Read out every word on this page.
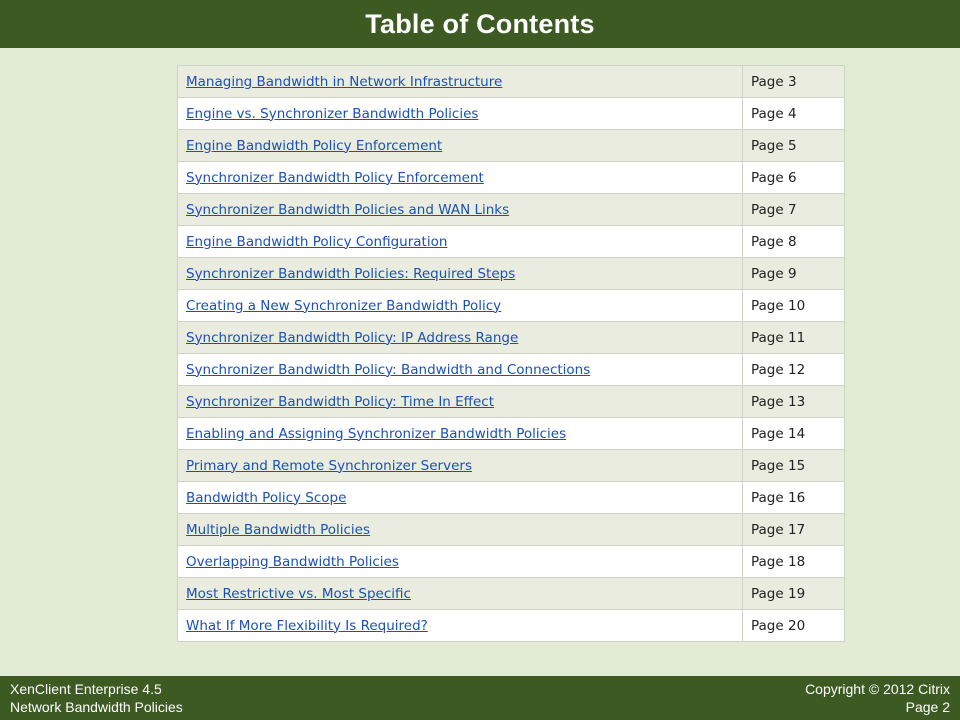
Table of Contents
Managing Bandwidth in Network Infrastructure	Page 3
Engine vs. Synchronizer Bandwidth Policies	Page 4
Engine Bandwidth Policy Enforcement	Page 5
Synchronizer Bandwidth Policy Enforcement	Page 6
Synchronizer Bandwidth Policies and WAN Links	Page 7
Engine Bandwidth Policy Configuration	Page 8
Synchronizer Bandwidth Policies: Required Steps	Page 9
Creating a New Synchronizer Bandwidth Policy	Page 10
Synchronizer Bandwidth Policy: IP Address Range	Page 11
Synchronizer Bandwidth Policy: Bandwidth and Connections	Page 12
Synchronizer Bandwidth Policy: Time In Effect	Page 13
Enabling and Assigning Synchronizer Bandwidth Policies	Page 14
Primary and Remote Synchronizer Servers	Page 15
Bandwidth Policy Scope	Page 16
Multiple Bandwidth Policies	Page 17
Overlapping Bandwidth Policies	Page 18
Most Restrictive vs. Most Specific	Page 19
What If More Flexibility Is Required?	Page 20
XenClient Enterprise 4.5
Network Bandwidth Policies
Copyright © 2012 Citrix
Page 2
